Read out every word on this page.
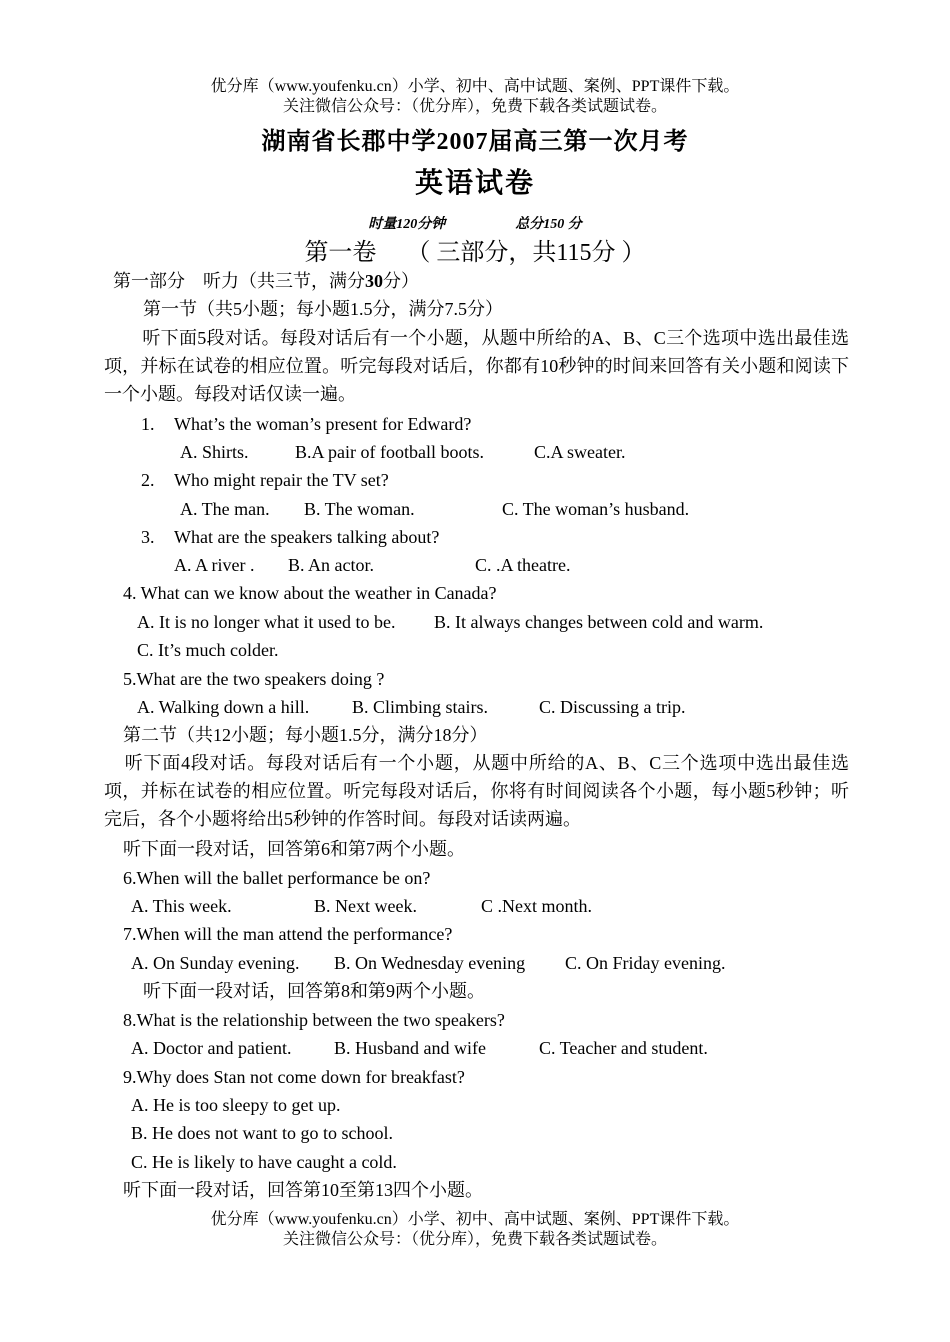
优分库（www.youfenku.cn）小学、初中、高中试题、案例、PPT课件下载。
关注微信公众号：（优分库），免费下载各类试题试卷。
湖南省长郡中学2007届高三第一次月考
英语试卷
时量120分钟	总分150 分
第一卷　 （ 三部分，共115分 ）
第一部分　听力（共三节，满分30分）
第一节（共5小题；每小题1.5分，满分7.5分）
听下面5段对话。每段对话后有一个小题，从题中所给的A、B、C三个选项中选出最佳选项，并标在试卷的相应位置。听完每段对话后，你都有10秒钟的时间来回答有关小题和阅读下一个小题。每段对话仅读一遍。
1. What’s the woman’s present for Edward?
A. Shirts.	B.A pair of football boots.	C.A sweater.
2. Who might repair the TV set?
A. The man. B. The woman.	C. The woman’s husband.
3. What are the speakers talking about?
A. A river . B. An actor.	C. .A theatre.
4. What can we know about the weather in Canada?
A. It is no longer what it used to be. B. It always changes between cold and warm.
C. It’s much colder.
5.What are the two speakers doing ?
A. Walking down a hill. B. Climbing stairs.	C. Discussing a trip.
第二节（共12小题；每小题1.5分，满分18分）
听下面4段对话。每段对话后有一个小题，从题中所给的A、B、C三个选项中选出最佳选项，并标在试卷的相应位置。听完每段对话后，你将有时间阅读各个小题，每小题5秒钟；听完后，各个小题将给出5秒钟的作答时间。每段对话读两遍。
听下面一段对话，回答第6和第7两个小题。
6.When will the ballet performance be on?
A. This week.	B. Next week.	C .Next month.
7.When will the man attend the performance?
A. On Sunday evening. B. On Wednesday evening C. On Friday evening.
听下面一段对话，回答第8和第9两个小题。
8.What is the relationship between the two speakers?
A. Doctor and patient. B. Husband and wife	C. Teacher and student.
9.Why does Stan not come down for breakfast?
A. He is too sleepy to get up.
B. He does not want to go to school.
C. He is likely to have caught a cold.
听下面一段对话，回答第10至第13四个小题。
优分库（www.youfenku.cn）小学、初中、高中试题、案例、PPT课件下载。
关注微信公众号：（优分库），免费下载各类试题试卷。
